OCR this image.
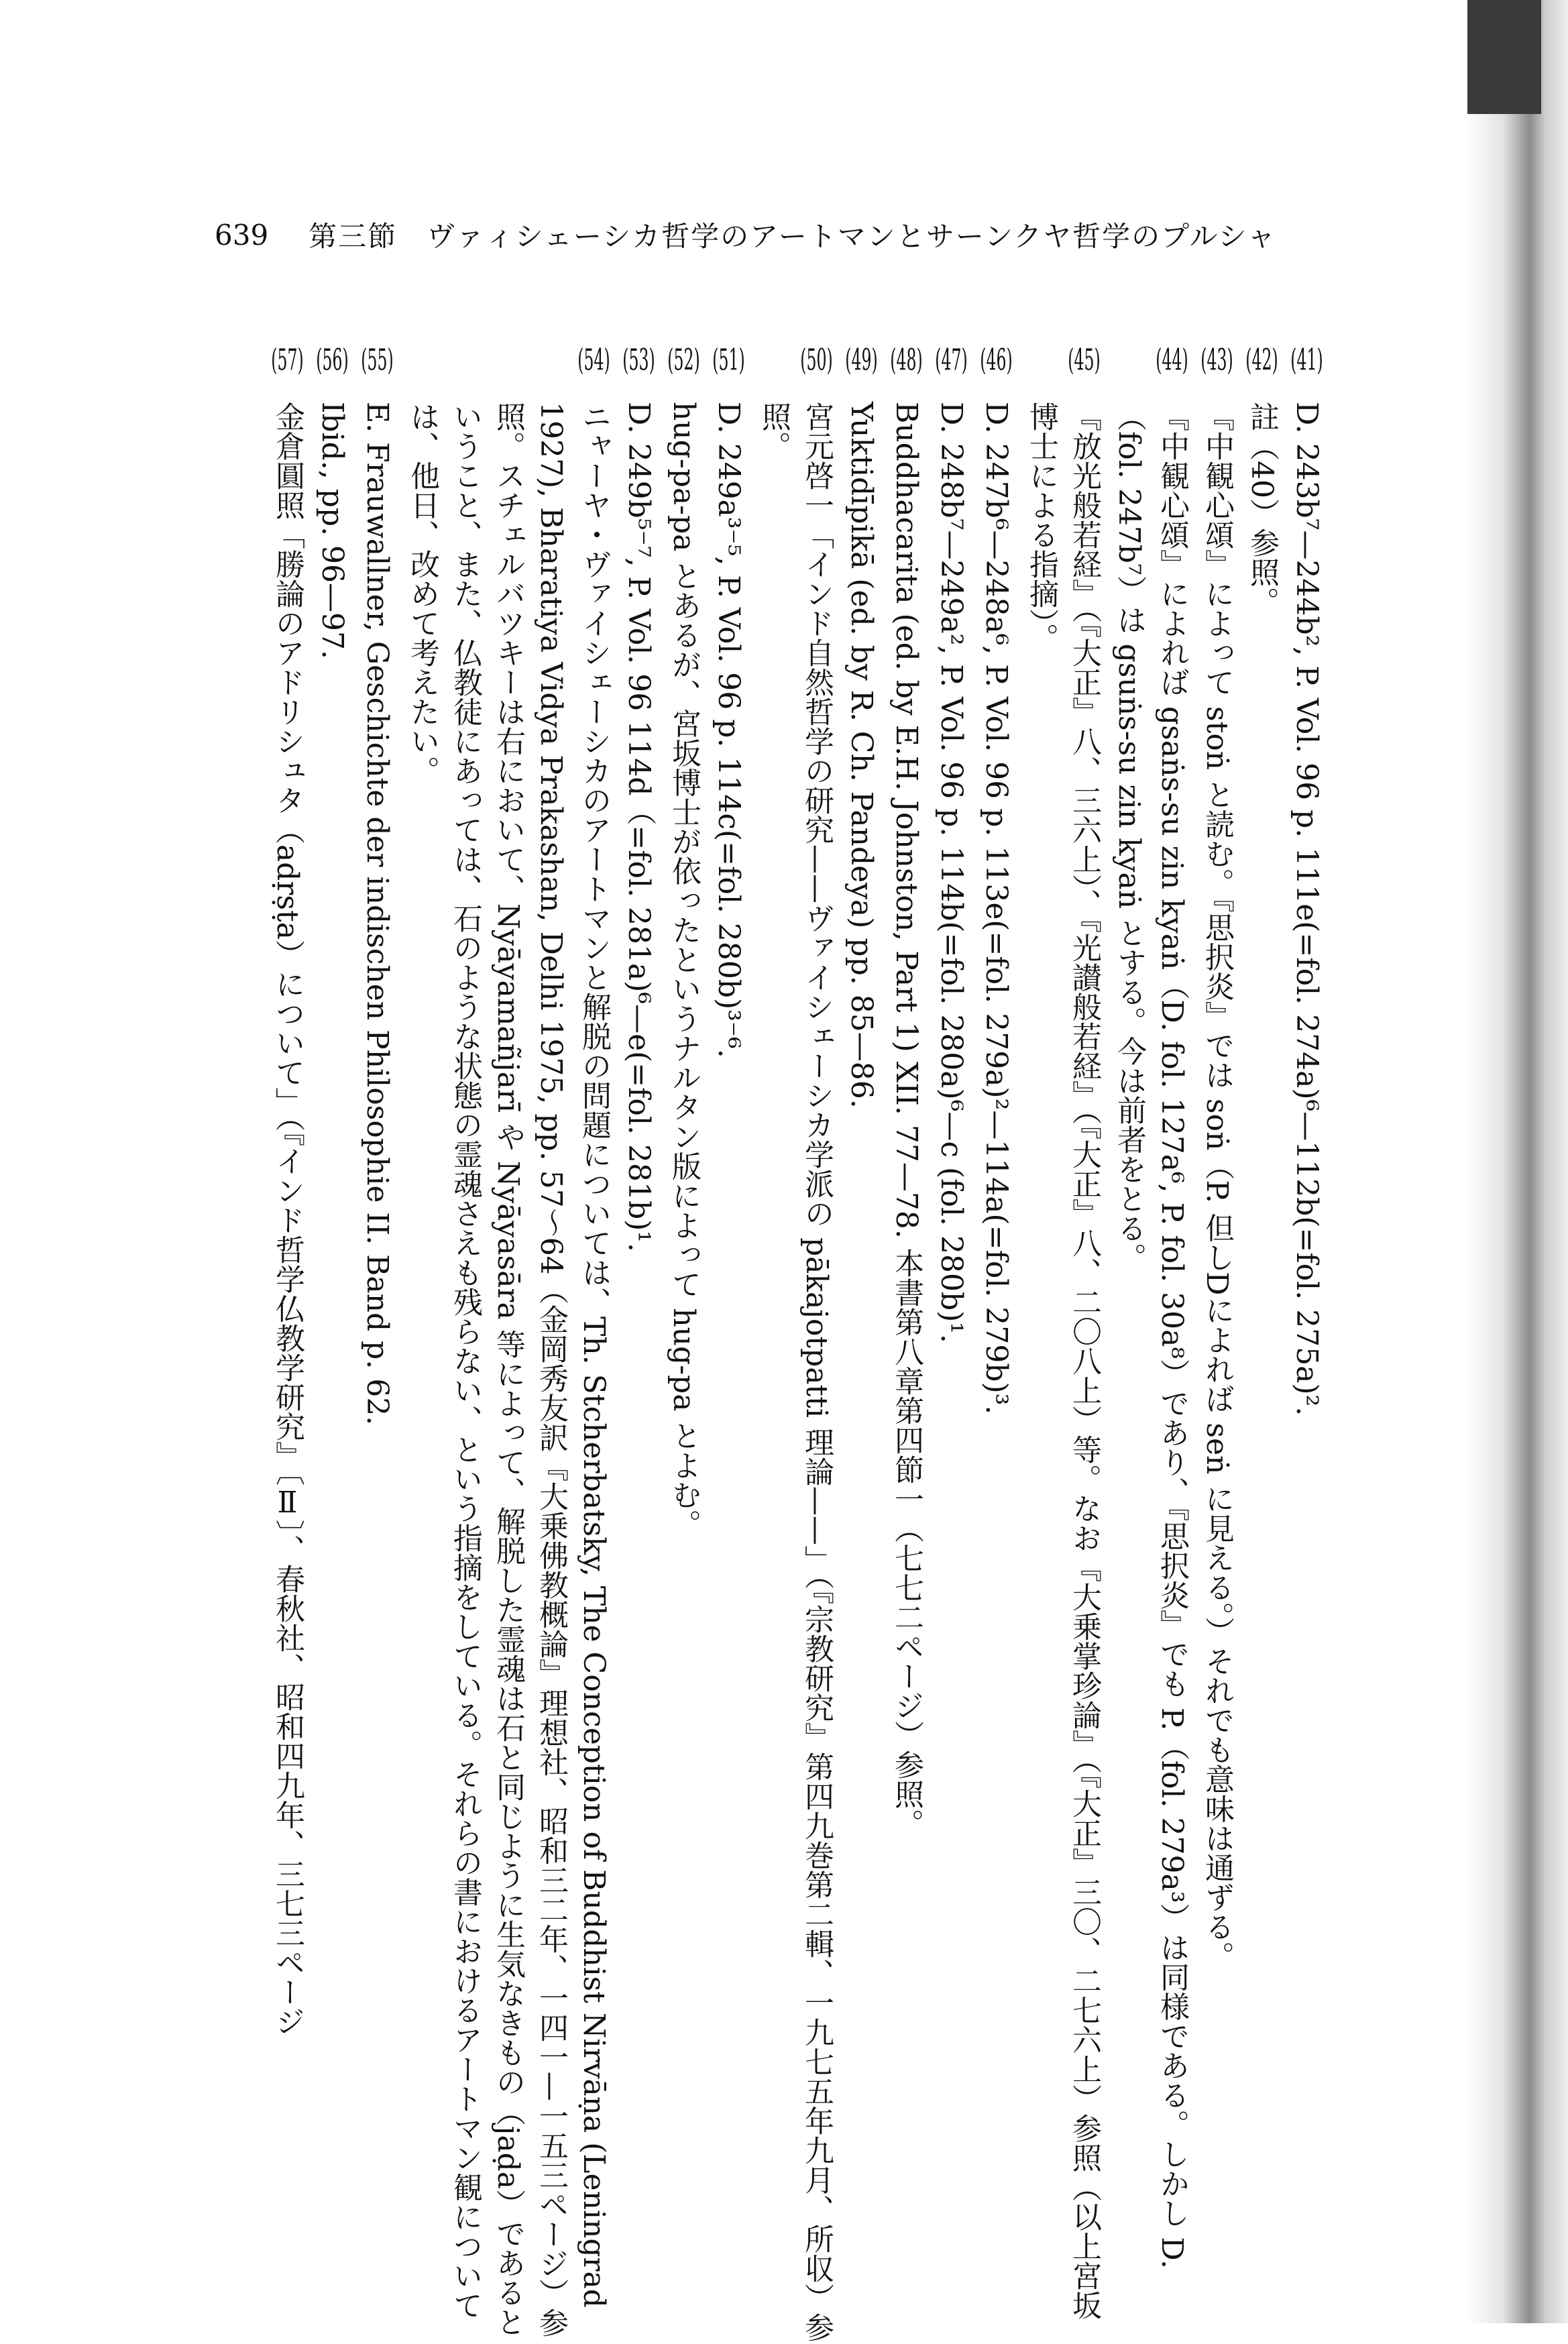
639 第三節　ヴァィシェーシカ哲学のアートマンとサーンクヤ哲学のプルシャ
(41)
D. 243b⁷—244b², P. Vol. 96 p. 111e(=fol. 274a)⁶—112b(=fol. 275a)².
(42)
註（40）参照。
(43)
『中観心頌』によって stoṅ と読む。『思択炎』では soṅ（P. 但しDによれば seṅ に見える。）それでも意味は通ずる。
(44)
『中観心頌』によれば gsaṅs-su zin kyaṅ（D. fol. 127a⁶, P. fol. 30a⁸）であり、『思択炎』でも P.（fol. 279a³）は同様である。しかし D.（fol. 247b⁷）は gsuṅs-su zin kyaṅ とする。今は前者をとる。
(45)
『放光般若経』（『大正』八、三六上）、『光讃般若経』（『大正』八、二〇八上）等。なお『大乗掌珍論』（『大正』三〇、二七六上）参照（以上宮坂博士による指摘）。
(46)
D. 247b⁶—248a⁶, P. Vol. 96 p. 113e(=fol. 279a)²—114a(=fol. 279b)³.
(47)
D. 248b⁷—249a², P. Vol. 96 p. 114b(=fol. 280a)⁶—c (fol. 280b)¹.
(48)
Buddhacarita (ed. by E.H. Johnston, Part 1) XII. 77—78. 本書第八章第四節一（七七二ページ）参照。
(49)
Yuktidīpikā (ed. by R. Ch. Pandeya) pp. 85—86.
(50)
宮元啓一「インド自然哲学の研究——ヴァイシェーシカ学派の pākajotpatti 理論——」（『宗教研究』第四九巻第二輯、一九七五年九月、所収）参照。
(51)
D. 249a³⁻⁵, P. Vol. 96 p. 114c(=fol. 280b)³⁻⁶.
(52)
hug-pa-pa とあるが、宮坂博士が依ったというナルタン版によって hug-pa とよむ。
(53)
D. 249b⁵⁻⁷, P. Vol. 96 114d（=fol. 281a)⁶—e(=fol. 281b)¹.
(54)
ニャーヤ・ヴァイシェーシカのアートマンと解脱の問題については、Th. Stcherbatsky, The Conception of Buddhist Nirvāṇa (Leningrad 1927), Bharatiya Vidya Prakashan, Delhi 1975, pp. 57～64（金岡秀友訳『大乗佛教概論』理想社、昭和三二年、一四一—一五三ページ）参照。スチェルバツキーは右において、Nyāyamañjarī や Nyāyasāra 等によって、解脱した霊魂は石と同じように生気なきもの（jaḍa）であるということ、また、仏教徒にあっては、石のような状態の霊魂さえも残らない、という指摘をしている。それらの書におけるアートマン観については、他日、改めて考えたい。
(55)
E. Frauwallner, Geschichte der indischen Philosophie II. Band p. 62.
(56)
Ibid., pp. 96—97.
(57)
金倉圓照「勝論のアドリシュタ（adṛṣṭa）について」（『インド哲学仏教学研究』〔Ⅱ〕、春秋社、昭和四九年、三七三ページ
